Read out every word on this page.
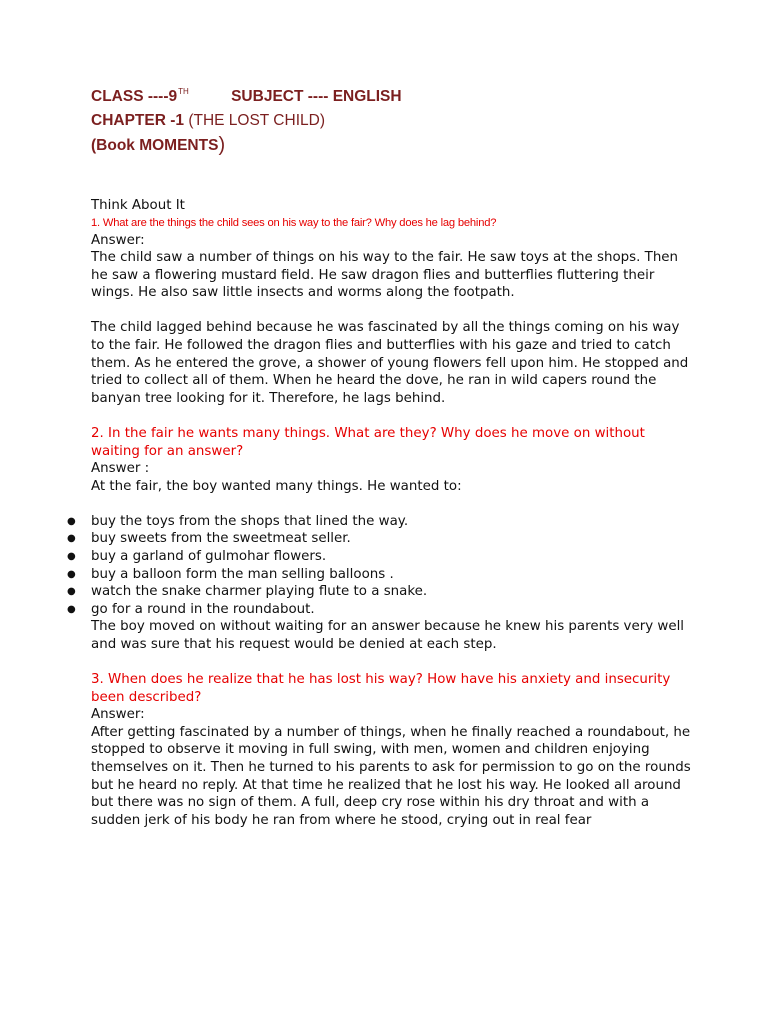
CLASS ----9TH	SUBJECT ---- ENGLISH
CHAPTER -1 (THE LOST CHILD)
(Book MOMENTS)

Think About It

1. What are the things the child sees on his way to the fair? Why does he lag behind?

Answer:

The child saw a number of things on his way to the fair. He saw toys at the shops. Then he saw a flowering mustard field. He saw dragon flies and butterflies fluttering their wings. He also saw little insects and worms along the footpath.

The child lagged behind because he was fascinated by all the things coming on his way to the fair. He followed the dragon flies and butterflies with his gaze and tried to catch them. As he entered the grove, a shower of young flowers fell upon him. He stopped and tried to collect all of them. When he heard the dove, he ran in wild capers round the banyan tree looking for it. Therefore, he lags behind.

2. In the fair he wants many things. What are they? Why does he move on without waiting for an answer?

Answer :

At the fair, the boy wanted many things. He wanted to:

● buy the toys from the shops that lined the way.
● buy sweets from the sweetmeat seller.
● buy a garland of gulmohar flowers.
● buy a balloon form the man selling balloons .
● watch the snake charmer playing flute to a snake.
● go for a round in the roundabout.

The boy moved on without waiting for an answer because he knew his parents very well and was sure that his request would be denied at each step.

3. When does he realize that he has lost his way? How have his anxiety and insecurity been described?

Answer:

After getting fascinated by a number of things, when he finally reached a roundabout, he stopped to observe it moving in full swing, with men, women and children enjoying themselves on it. Then he turned to his parents to ask for permission to go on the rounds but he heard no reply. At that time he realized that he lost his way. He looked all around but there was no sign of them. A full, deep cry rose within his dry throat and with a sudden jerk of his body he ran from where he stood, crying out in real fear
